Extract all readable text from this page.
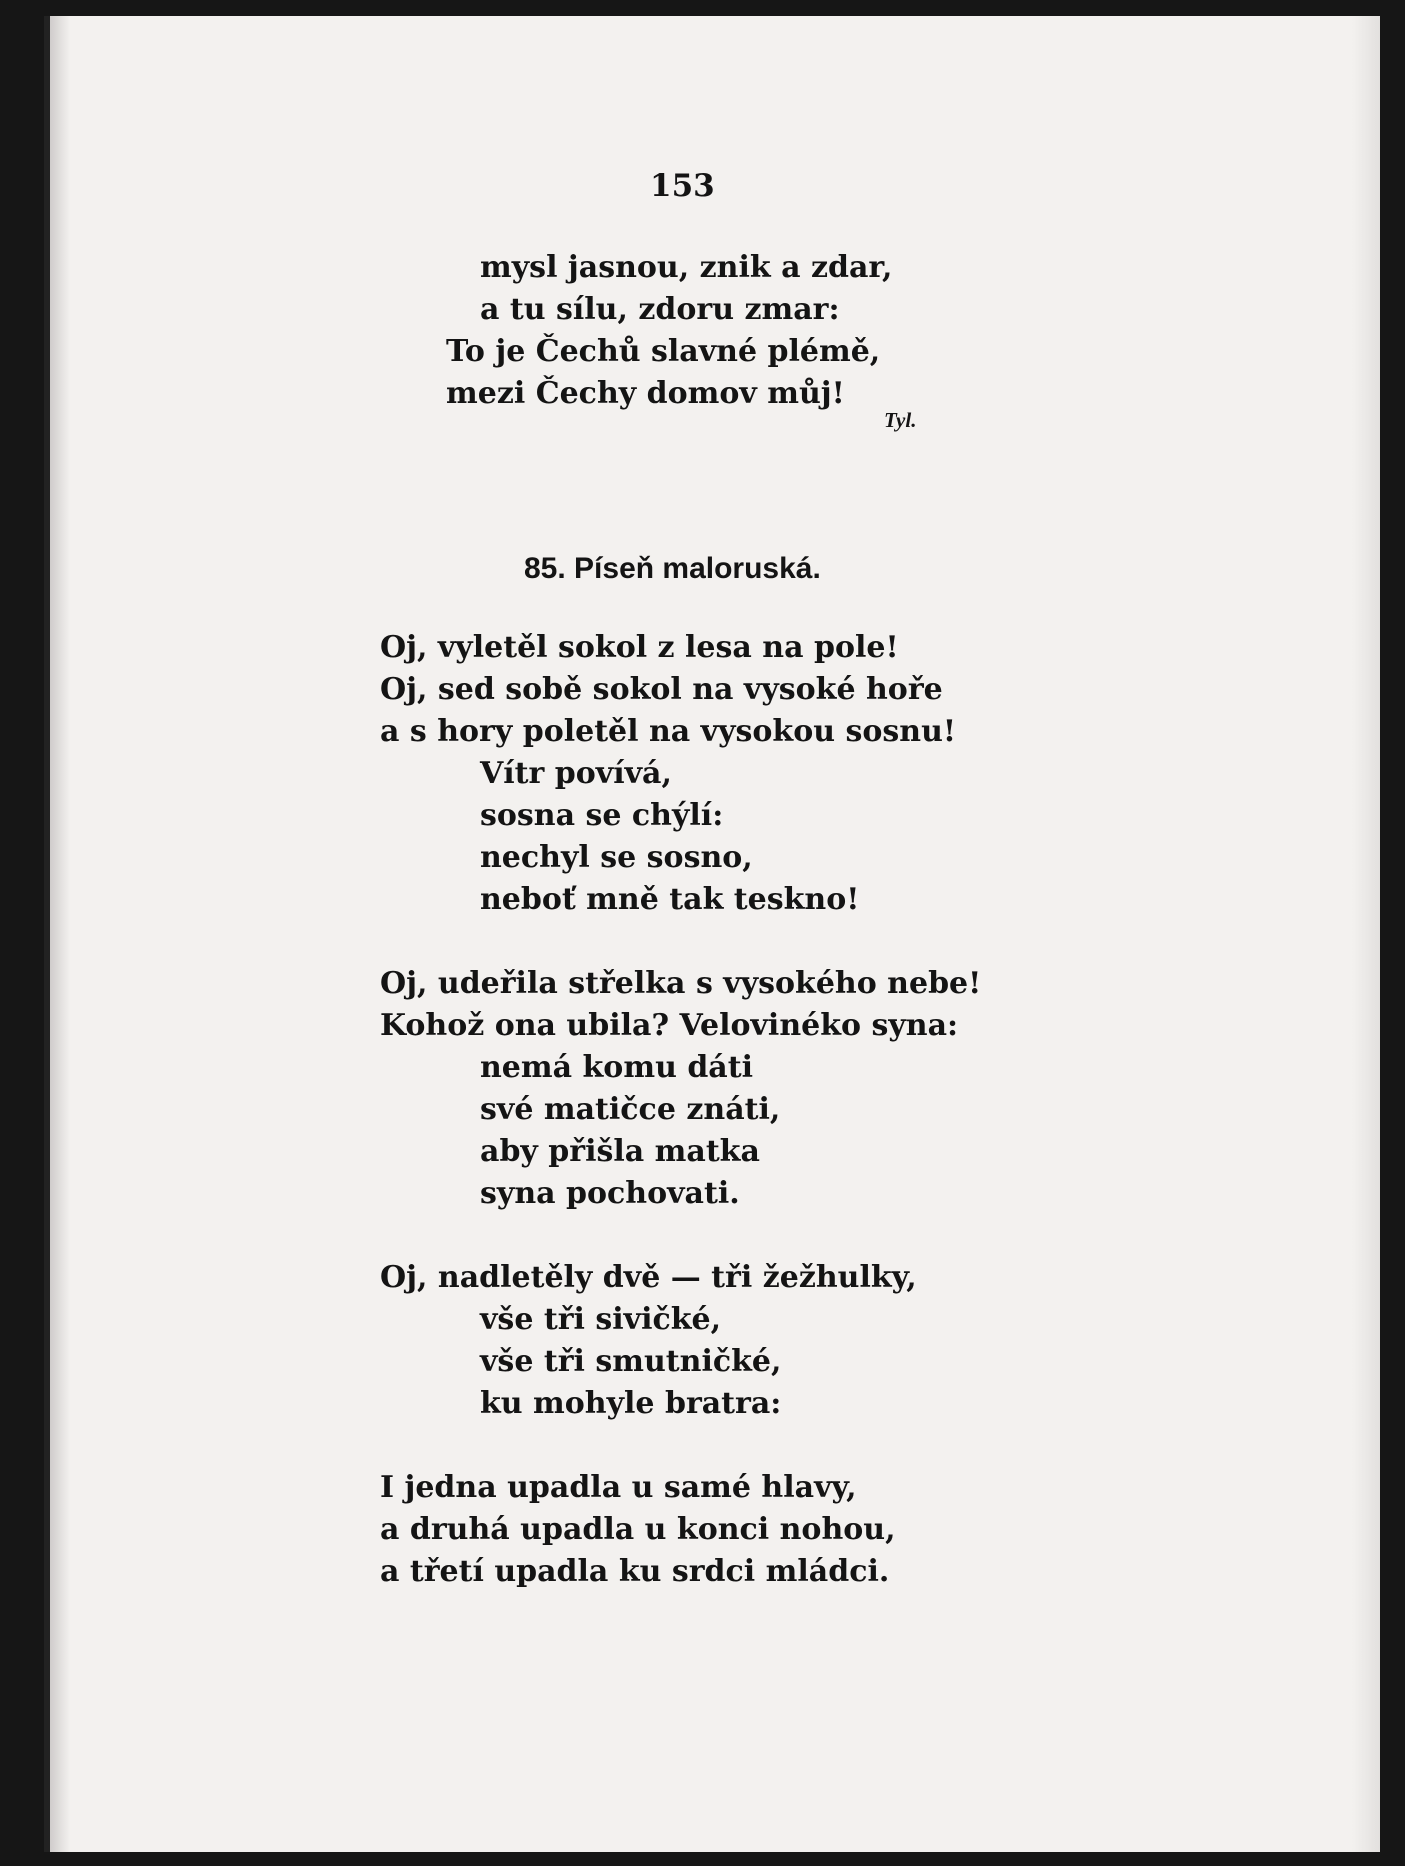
153
mysl jasnou, znik a zdar,
a tu sílu, zdoru zmar:
To je Čechů slavné plémě,
mezi Čechy domov můj!
Tyl.
85. Píseň maloruská.
Oj, vyletěl sokol z lesa na pole!
Oj, sed sobě sokol na vysoké hoře
a s hory poletěl na vysokou sosnu!
Vítr povívá,
sosna se chýlí:
nechyl se sosno,
neboť mně tak teskno!
Oj, udeřila střelka s vysokého nebe!
Kohož ona ubila? Velovinéko syna:
nemá komu dáti
své matičce znáti,
aby přišla matka
syna pochovati.
Oj, nadletěly dvě — tři žežhulky,
vše tři sivičké,
vše tři smutničké,
ku mohyle bratra:
I jedna upadla u samé hlavy,
a druhá upadla u konci nohou,
a třetí upadla ku srdci mládci.
